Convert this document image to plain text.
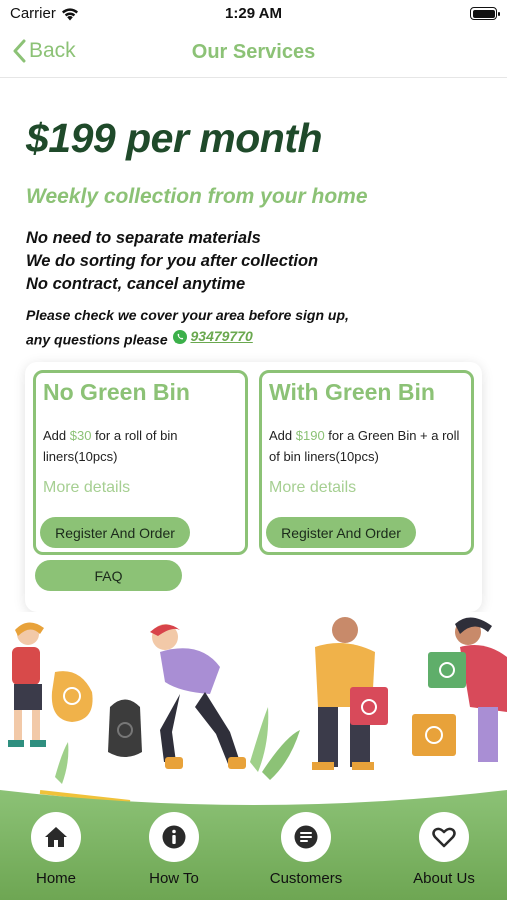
Carrier	1:29 AM
Back	Our Services
$199 per month
Weekly collection from your home
No need to separate materials
We do sorting for you after collection
No contract, cancel anytime
Please check we cover your area before sign up,
any questions please 93479770
No Green Bin
Add $30 for a roll of bin liners(10pcs)
More details
Register And Order
With Green Bin
Add $190 for a Green Bin + a roll of bin liners(10pcs)
More details
Register And Order
FAQ
Home	How To	Customers	About Us
